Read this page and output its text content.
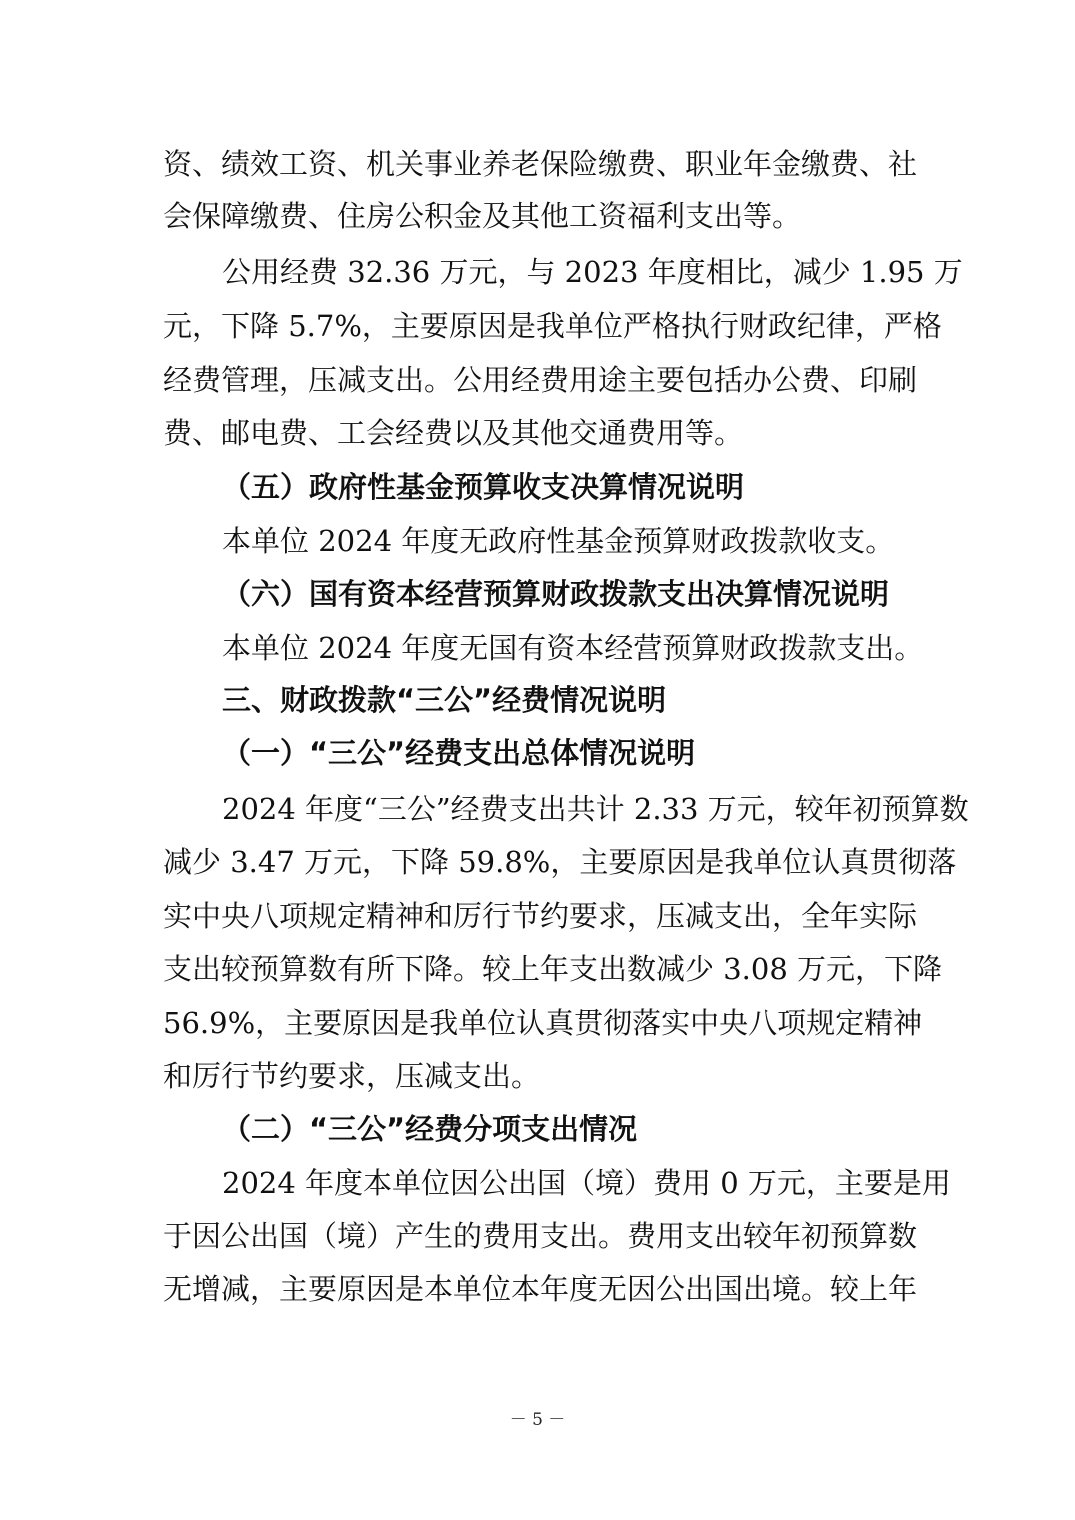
资、绩效工资、机关事业养老保险缴费、职业年金缴费、社
会保障缴费、住房公积金及其他工资福利支出等。
公用经费 32.36 万元，与 2023 年度相比，减少 1.95 万
元，下降 5.7%，主要原因是我单位严格执行财政纪律，严格
经费管理，压减支出。公用经费用途主要包括办公费、印刷
费、邮电费、工会经费以及其他交通费用等。
（五）政府性基金预算收支决算情况说明
本单位 2024 年度无政府性基金预算财政拨款收支。
（六）国有资本经营预算财政拨款支出决算情况说明
本单位 2024 年度无国有资本经营预算财政拨款支出。
三、财政拨款“三公”经费情况说明
（一）“三公”经费支出总体情况说明
2024 年度“三公”经费支出共计 2.33 万元，较年初预算数
减少 3.47 万元，下降 59.8%，主要原因是我单位认真贯彻落
实中央八项规定精神和厉行节约要求，压减支出，全年实际
支出较预算数有所下降。较上年支出数减少 3.08 万元，下降
56.9%，主要原因是我单位认真贯彻落实中央八项规定精神
和厉行节约要求，压减支出。
（二）“三公”经费分项支出情况
2024 年度本单位因公出国（境）费用 0 万元，主要是用
于因公出国（境）产生的费用支出。费用支出较年初预算数
无增减，主要原因是本单位本年度无因公出国出境。较上年
－ 5 －
